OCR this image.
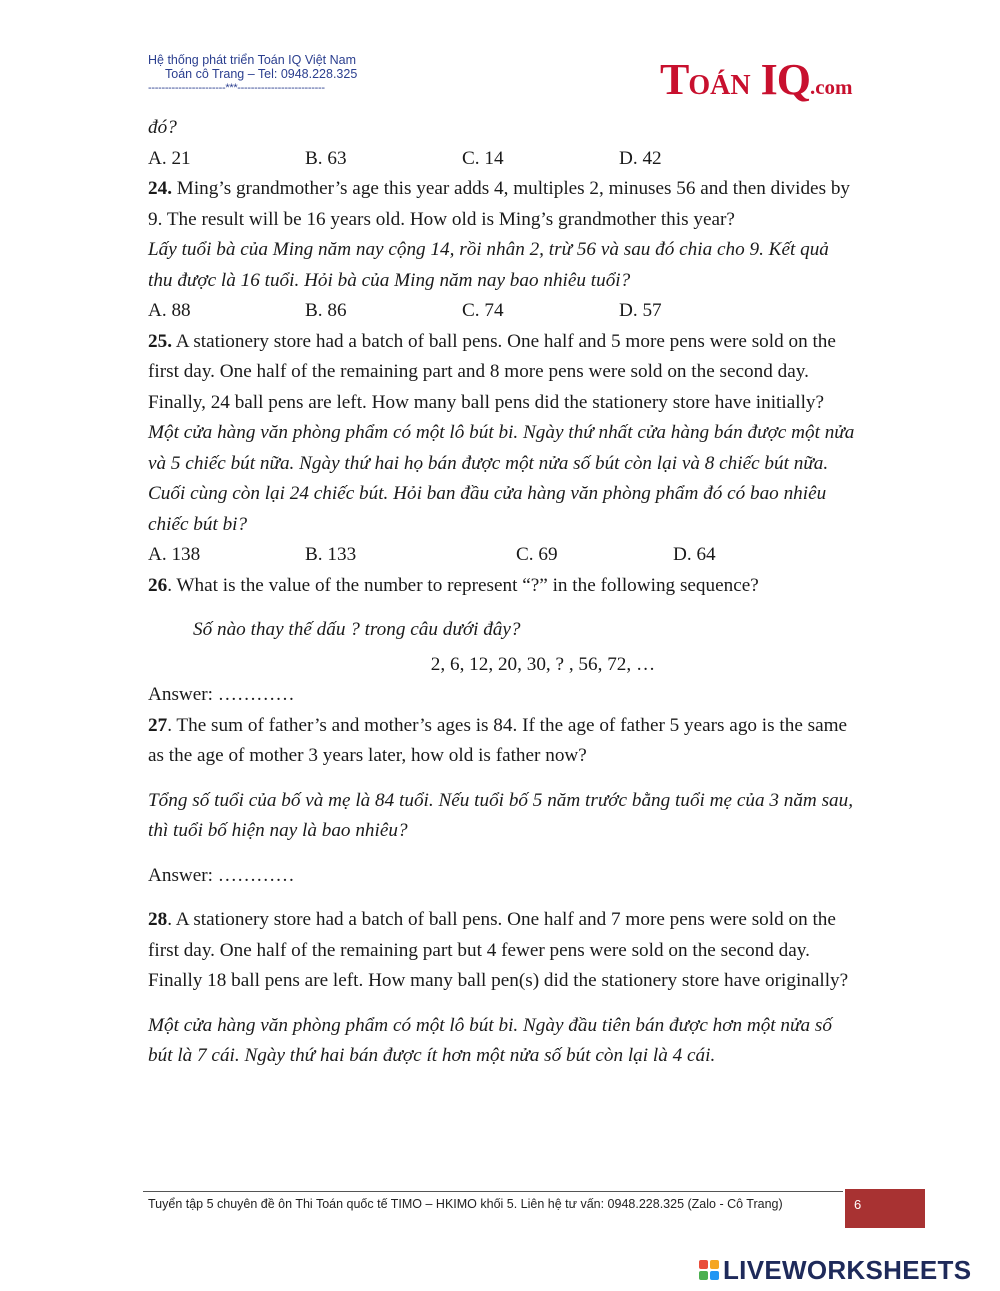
Hệ thống phát triển Toán IQ Việt Nam
Toán cô Trang – Tel: 0948.228.325
-----------------------***--------------------------	TOÁN IQ.com

đó?

A. 21	B. 63	C. 14	D. 42

24. Ming’s grandmother’s age this year adds 4, multiples 2, minuses 56 and then divides by 9. The result will be 16 years old. How old is Ming’s grandmother this year?

Lấy tuổi bà của Ming năm nay cộng 14, rồi nhân 2, trừ 56 và sau đó chia cho 9. Kết quả thu được là 16 tuổi. Hỏi bà của Ming năm nay bao nhiêu tuổi?

A. 88	B. 86	C. 74	D. 57

25. A stationery store had a batch of ball pens. One half and 5 more pens were sold on the first day. One half of the remaining part and 8 more pens were sold on the second day. Finally, 24 ball pens are left. How many ball pens did the stationery store have initially?

Một cửa hàng văn phòng phẩm có một lô bút bi. Ngày thứ nhất cửa hàng bán được một nửa và 5 chiếc bút nữa. Ngày thứ hai họ bán được một nửa số bút còn lại và 8 chiếc bút nữa. Cuối cùng còn lại 24 chiếc bút. Hỏi ban đầu cửa hàng văn phòng phẩm đó có bao nhiêu chiếc bút bi?

A. 138	B. 133	C. 69	D. 64

26. What is the value of the number to represent “?” in the following sequence?

Số nào thay thế dấu ? trong câu dưới đây?

2, 6, 12, 20, 30, ? , 56, 72, …

Answer: …………

27. The sum of father’s and mother’s ages is 84. If the age of father 5 years ago is the same as the age of mother 3 years later, how old is father now?

Tổng số tuổi của bố và mẹ là 84 tuổi. Nếu tuổi bố 5 năm trước bằng tuổi mẹ của 3 năm sau, thì tuổi bố hiện nay là bao nhiêu?

Answer: …………

28. A stationery store had a batch of ball pens. One half and 7 more pens were sold on the first day. One half of the remaining part but 4 fewer pens were sold on the second day. Finally 18 ball pens are left. How many ball pen(s) did the stationery store have originally?

Một cửa hàng văn phòng phẩm có một lô bút bi. Ngày đầu tiên bán được hơn một nửa số bút là 7 cái. Ngày thứ hai bán được ít hơn một nửa số bút còn lại là 4 cái.

Tuyển tập 5 chuyên đề ôn Thi Toán quốc tế TIMO – HKIMO khối 5. Liên hệ tư vấn: 0948.228.325 (Zalo - Cô Trang)	6
LIVEWORKSHEETS
